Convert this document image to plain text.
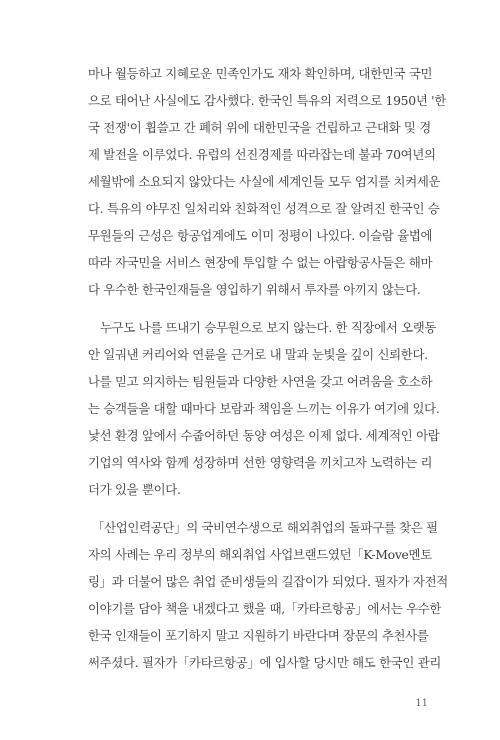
마나 월등하고 지혜로운 민족인가도 재차 확인하며, 대한민국 국민
으로 태어난 사실에도 감사했다. 한국인 특유의 저력으로 1950년 '한
국 전쟁'이 휩쓸고 간 폐허 위에 대한민국을 건립하고 근대화 및 경
제 발전을 이루었다. 유럽의 선진경제를 따라잡는데 불과 70여년의
세월밖에 소요되지 않았다는 사실에 세계인들 모두 엄지를 치켜세운
다. 특유의 야무진 일처리와 친화적인 성격으로 잘 알려진 한국인 승
무원들의 근성은 항공업계에도 이미 정평이 나있다. 이슬람 율법에
따라 자국민을 서비스 현장에 투입할 수 없는 아랍항공사들은 해마
다 우수한 한국인재들을 영입하기 위해서 투자를 아끼지 않는다.
누구도 나를 뜨내기 승무원으로 보지 않는다. 한 직장에서 오랫동
안 일궈낸 커리어와 연륜을 근거로 내 말과 눈빛을 깊이 신뢰한다.
나를 믿고 의지하는 팀원들과 다양한 사연을 갖고 어려움을 호소하
는 승객들을 대할 때마다 보람과 책임을 느끼는 이유가 여기에 있다.
낯선 환경 앞에서 수줍어하던 동양 여성은 이제 없다. 세계적인 아랍
기업의 역사와 함께 성장하며 선한 영향력을 끼치고자 노력하는 리
더가 있을 뿐이다.
「산업인력공단」의 국비연수생으로 해외취업의 돌파구를 찾은 필
자의 사례는 우리 정부의 해외취업 사업브랜드였던「K-Move멘토
링」과 더불어 많은 취업 준비생들의 길잡이가 되었다. 필자가 자전적
이야기를 담아 책을 내겠다고 했을 때,「카타르항공」에서는 우수한
한국 인재들이 포기하지 말고 지원하기 바란다며 장문의 추천사를
써주셨다. 필자가「카타르항공」에 입사할 당시만 해도 한국인 관리
11
